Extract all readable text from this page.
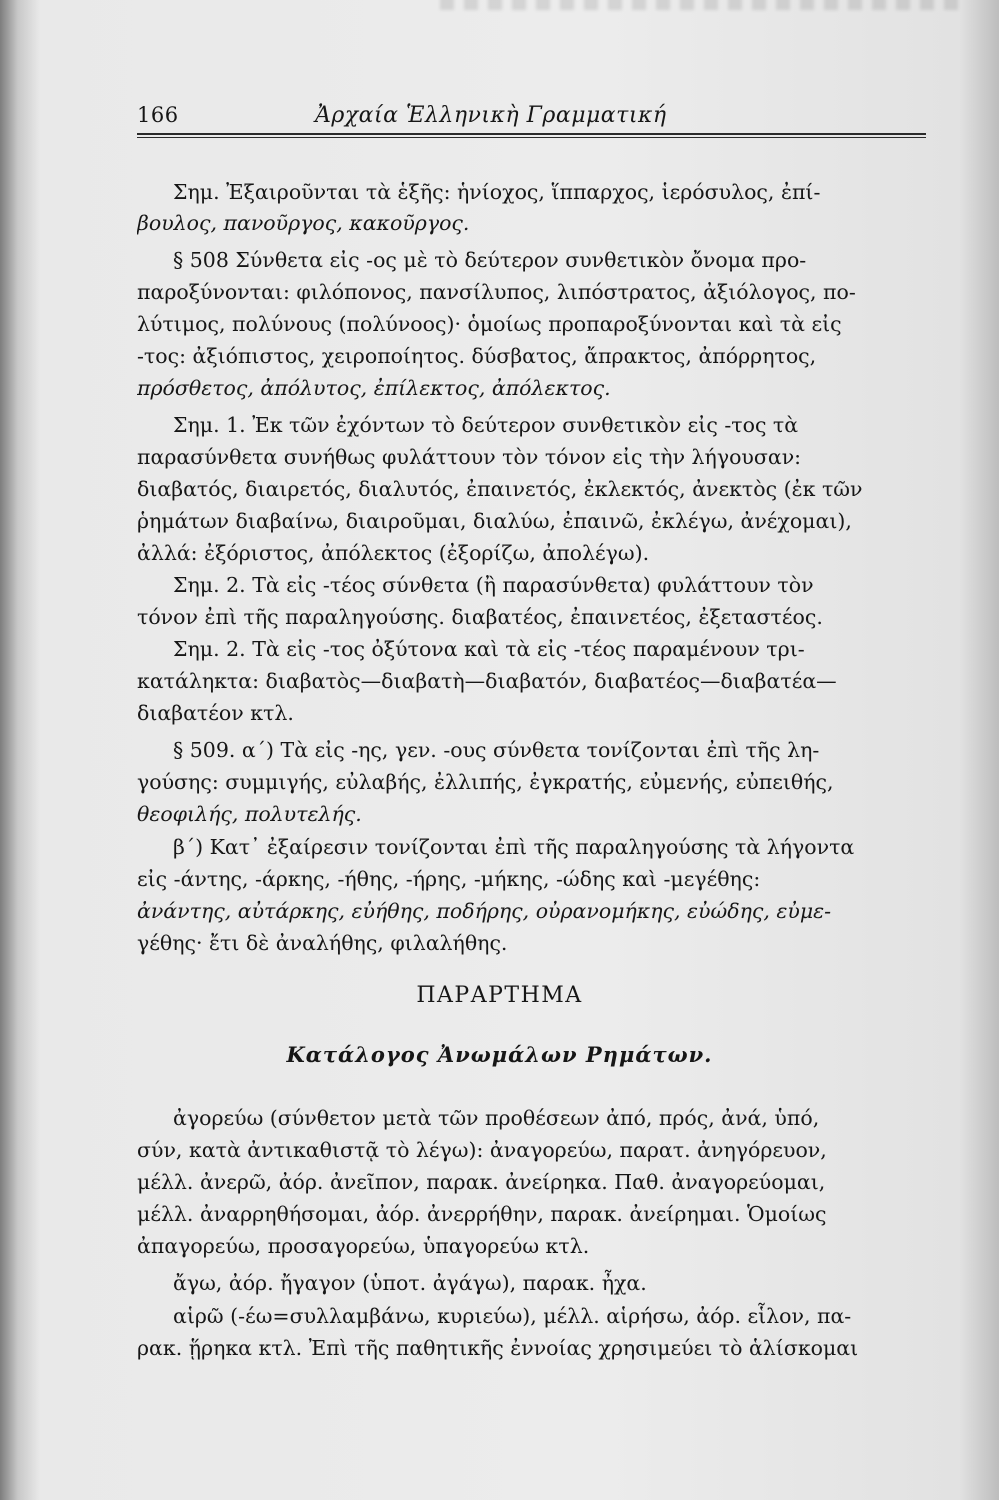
166	Ἀρχαία Ἑλληνικὴ Γραμματική
Σημ. Ἐξαιροῦνται τὰ ἑξῆς: ἡνίοχος, ἵππαρχος, ἱερόσυλος, ἐπί-
βουλος, πανοῦργος, κακοῦργος.
§ 508 Σύνθετα εἰς -ος μὲ τὸ δεύτερον συνθετικὸν ὄνομα προ-
παροξύνονται: φιλόπονος, πανσίλυπος, λιπόστρατος, ἀξιόλογος, πο-
λύτιμος, πολύνους (πολύνοος)· ὁμοίως προπαροξύνονται καὶ τὰ εἰς
-τος: ἀξιόπιστος, χειροποίητος. δύσβατος, ἄπρακτος, ἀπόρρητος,
πρόσθετος, ἀπόλυτος, ἐπίλεκτος, ἀπόλεκτος.
Σημ. 1. Ἐκ τῶν ἐχόντων τὸ δεύτερον συνθετικὸν εἰς -τος τὰ
παρασύνθετα συνήθως φυλάττουν τὸν τόνον εἰς τὴν λήγουσαν:
διαβατός, διαιρετός, διαλυτός, ἐπαινετός, ἐκλεκτός, ἀνεκτὸς (ἐκ τῶν
ῥημάτων διαβαίνω, διαιροῦμαι, διαλύω, ἐπαινῶ, ἐκλέγω, ἀνέχομαι),
ἀλλά: ἐξόριστος, ἀπόλεκτος (ἐξορίζω, ἀπολέγω).
Σημ. 2. Τὰ εἰς -τέος σύνθετα (ἢ παρασύνθετα) φυλάττουν τὸν
τόνον ἐπὶ τῆς παραληγούσης. διαβατέος, ἐπαινετέος, ἐξεταστέος.
Σημ. 2. Τὰ εἰς -τος ὀξύτονα καὶ τὰ εἰς -τέος παραμένουν τρι-
κατάληκτα: διαβατὸς—διαβατὴ—διαβατόν, διαβατέος—διαβατέα—
διαβατέον κτλ.
§ 509. α΄) Τὰ εἰς -ης, γεν. -ους σύνθετα τονίζονται ἐπὶ τῆς λη-
γούσης: συμμιγής, εὐλαβής, ἐλλιπής, ἐγκρατής, εὐμενής, εὐπειθής,
θεοφιλής, πολυτελής.
β΄) Κατ᾿ ἐξαίρεσιν τονίζονται ἐπὶ τῆς παραληγούσης τὰ λήγοντα
εἰς -άντης, -άρκης, -ήθης, -ήρης, -μήκης, -ώδης καὶ -μεγέθης:
ἀνάντης, αὐτάρκης, εὐήθης, ποδήρης, οὐρανομήκης, εὐώδης, εὐμε-
γέθης· ἔτι δὲ ἀναλήθης, φιλαλήθης.
ἀγορεύω (σύνθετον μετὰ τῶν προθέσεων ἀπό, πρός, ἀνά, ὑπό,
σύν, κατὰ ἀντικαθιστᾷ τὸ λέγω): ἀναγορεύω, παρατ. ἀνηγόρευον,
μέλλ. ἀνερῶ, ἀόρ. ἀνεῖπον, παρακ. ἀνείρηκα. Παθ. ἀναγορεύομαι,
μέλλ. ἀναρρηθήσομαι, ἀόρ. ἀνερρήθην, παρακ. ἀνείρημαι. Ὁμοίως
ἀπαγορεύω, προσαγορεύω, ὑπαγορεύω κτλ.
ἄγω, ἀόρ. ἤγαγον (ὑποτ. ἀγάγω), παρακ. ἦχα.
αἱρῶ (-έω=συλλαμβάνω, κυριεύω), μέλλ. αἱρήσω, ἀόρ. εἷλον, πα-
ρακ. ᾕρηκα κτλ. Ἐπὶ τῆς παθητικῆς ἐννοίας χρησιμεύει τὸ ἁλίσκομαι
ΠΑΡΑΡΤΗΜΑ
Κατάλογος Ἀνωμάλων Ρημάτων.
